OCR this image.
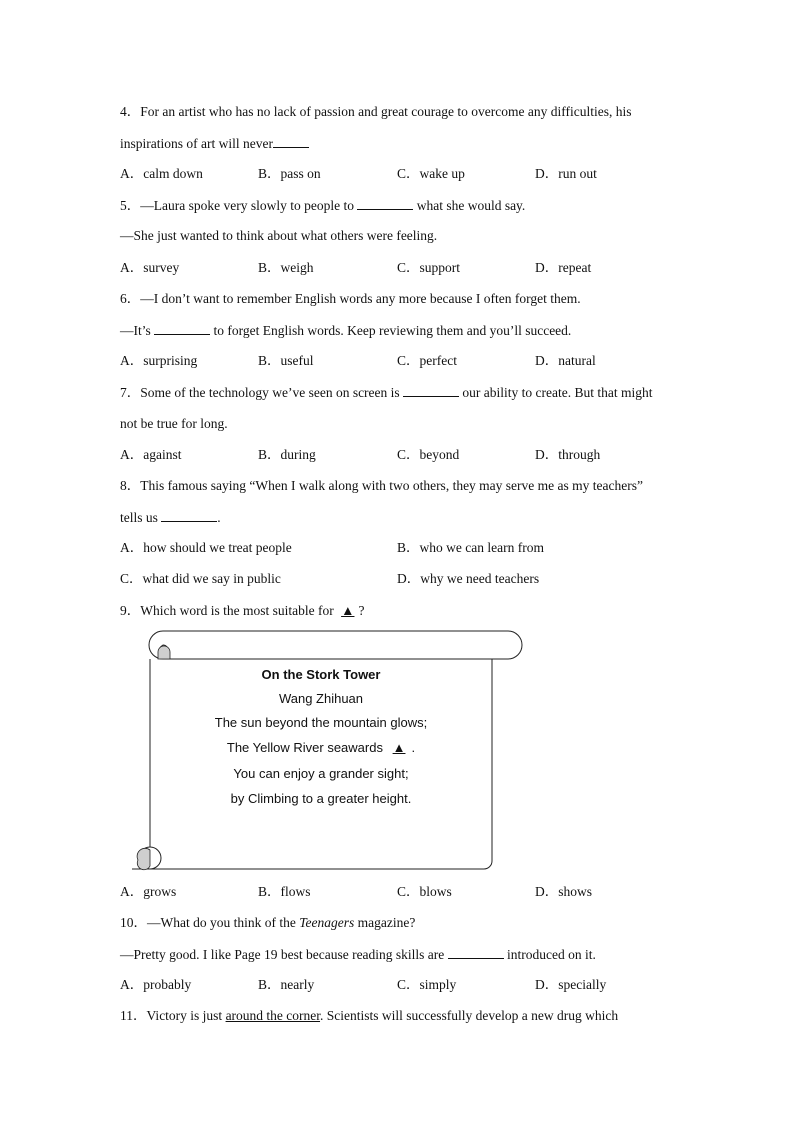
4．For an artist who has no lack of passion and great courage to overcome any difficulties, his
inspirations of art will never
A．calm down	B．pass on	C．wake up	D．run out
5．—Laura spoke very slowly to people to	what she would say.
—She just wanted to think about what others were feeling.
A．survey	B．weigh	C．support	D．repeat
6．—I don’t want to remember English words any more because I often forget them.
—It’s	to forget English words. Keep reviewing them and you’ll succeed.
A．surprising	B．useful	C．perfect	D．natural
7．Some of the technology we’ve seen on screen is	our ability to create. But that might
not be true for long.
A．against	B．during	C．beyond	D．through
8．This famous saying “When I walk along with two others, they may serve me as my teachers”
tells us	.
A．how should we treat people	B．who we can learn from
C．what did we say in public	D．why we need teachers
9．Which word is the most suitable for ▲ ?
On the Stork Tower
Wang Zhihuan
The sun beyond the mountain glows;
The Yellow River seawards ▲ .
You can enjoy a grander sight;
by Climbing to a greater height.
A．grows	B．flows	C．blows	D．shows
10．—What do you think of the Teenagers magazine?
—Pretty good. I like Page 19 best because reading skills are	introduced on it.
A．probably	B．nearly	C．simply	D．specially
11．Victory is just around the corner. Scientists will successfully develop a new drug which
